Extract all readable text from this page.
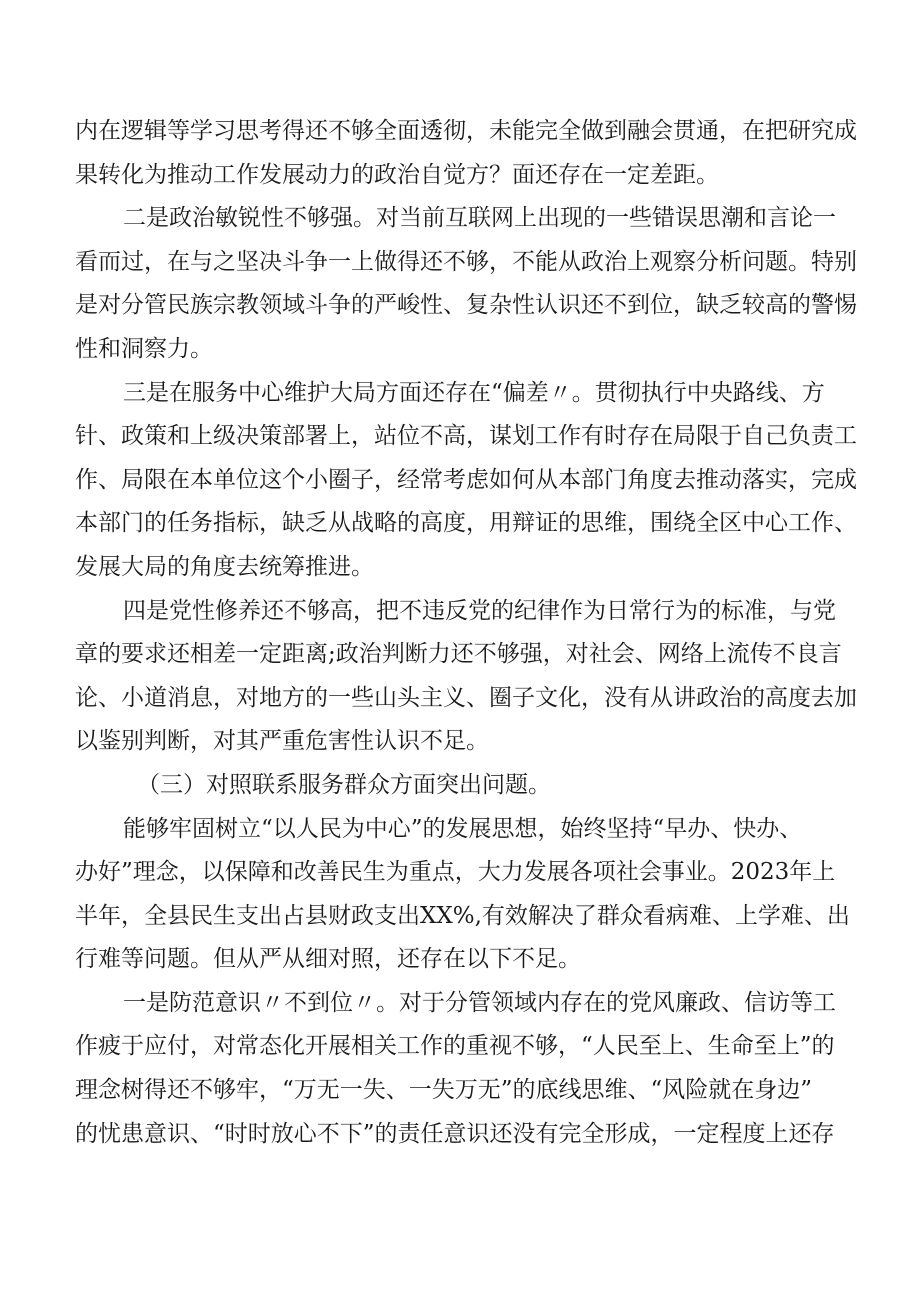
内在逻辑等学习思考得还不够全面透彻，未能完全做到融会贯通，在把研究成
果转化为推动工作发展动力的政治自觉方？面还存在一定差距。
二是政治敏锐性不够强。对当前互联网上出现的一些错误思潮和言论一
看而过，在与之坚决斗争一上做得还不够，不能从政治上观察分析问题。特别
是对分管民族宗教领域斗争的严峻性、复杂性认识还不到位，缺乏较高的警惕
性和洞察力。
三是在服务中心维护大局方面还存在“偏差〃。贯彻执行中央路线、方
针、政策和上级决策部署上，站位不高，谋划工作有时存在局限于自己负责工
作、局限在本单位这个小圈子，经常考虑如何从本部门角度去推动落实，完成
本部门的任务指标，缺乏从战略的高度，用辩证的思维，围绕全区中心工作、
发展大局的角度去统筹推进。
四是党性修养还不够高，把不违反党的纪律作为日常行为的标准，与党
章的要求还相差一定距离;政治判断力还不够强，对社会、网络上流传不良言
论、小道消息，对地方的一些山头主义、圈子文化，没有从讲政治的高度去加
以鉴别判断，对其严重危害性认识不足。
（三）对照联系服务群众方面突出问题。
能够牢固树立“以人民为中心”的发展思想，始终坚持“早办、快办、
办好”理念，以保障和改善民生为重点，大力发展各项社会事业。2023年上
半年，全县民生支出占县财政支出XX%,有效解决了群众看病难、上学难、出
行难等问题。但从严从细对照，还存在以下不足。
一是防范意识〃不到位〃。对于分管领域内存在的党风廉政、信访等工
作疲于应付，对常态化开展相关工作的重视不够，“人民至上、生命至上”的
理念树得还不够牢，“万无一失、一失万无”的底线思维、“风险就在身边”
的忧患意识、“时时放心不下”的责任意识还没有完全形成，一定程度上还存
